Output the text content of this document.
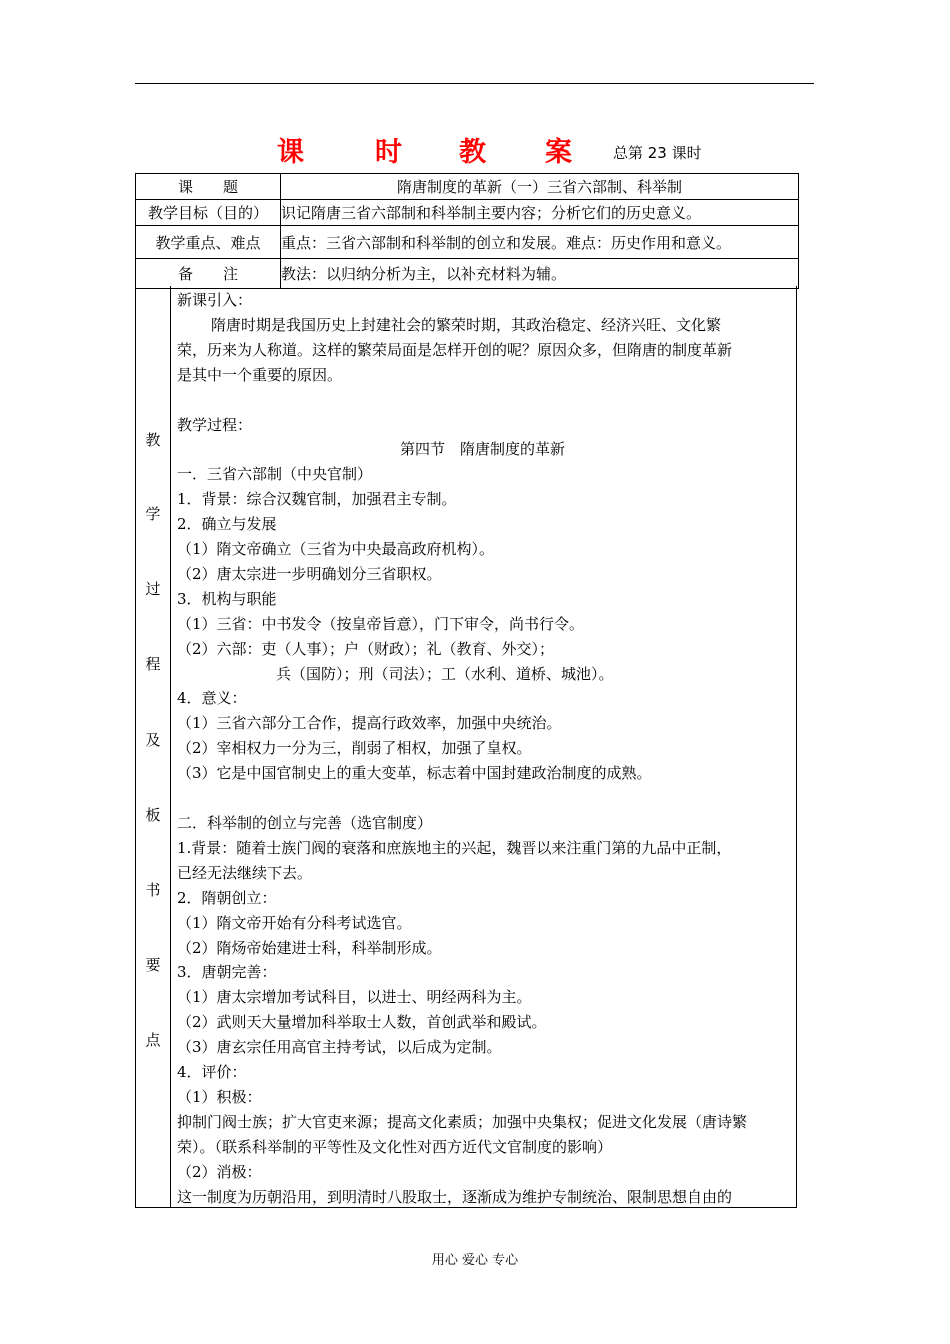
课	时 教 案	总第 23 课时
课　　题	隋唐制度的革新（一）三省六部制、科举制
教学目标（目的）	识记隋唐三省六部制和科举制主要内容；分析它们的历史意义。
教学重点、难点	重点：三省六部制和科举制的创立和发展。难点：历史作用和意义。
备　　注	教法：以归纳分析为主，以补充材料为辅。
教
学
过
程
及
板
书
要
点
新课引入：
隋唐时期是我国历史上封建社会的繁荣时期，其政治稳定、经济兴旺、文化繁
荣，历来为人称道。这样的繁荣局面是怎样开创的呢？原因众多，但隋唐的制度革新
是其中一个重要的原因。
教学过程：
第四节　隋唐制度的革新
一．三省六部制（中央官制）
1．背景：综合汉魏官制，加强君主专制。
2．确立与发展
（1）隋文帝确立（三省为中央最高政府机构）。
（2）唐太宗进一步明确划分三省职权。
3．机构与职能
（1）三省：中书发令（按皇帝旨意），门下审令，尚书行令。
（2）六部：吏（人事）；户（财政）；礼（教育、外交）；
兵（国防）；刑（司法）；工（水利、道桥、城池）。
4．意义：
（1）三省六部分工合作，提高行政效率，加强中央统治。
（2）宰相权力一分为三，削弱了相权，加强了皇权。
（3）它是中国官制史上的重大变革，标志着中国封建政治制度的成熟。
二．科举制的创立与完善（选官制度）
1.背景：随着士族门阀的衰落和庶族地主的兴起，魏晋以来注重门第的九品中正制，
已经无法继续下去。
2．隋朝创立：
（1）隋文帝开始有分科考试选官。
（2）隋炀帝始建进士科，科举制形成。
3．唐朝完善：
（1）唐太宗增加考试科目，以进士、明经两科为主。
（2）武则天大量增加科举取士人数，首创武举和殿试。
（3）唐玄宗任用高官主持考试，以后成为定制。
4．评价：
（1）积极：
抑制门阀士族；扩大官吏来源；提高文化素质；加强中央集权；促进文化发展（唐诗繁
荣）。（联系科举制的平等性及文化性对西方近代文官制度的影响）
（2）消极：
这一制度为历朝沿用，到明清时八股取士，逐渐成为维护专制统治、限制思想自由的
用心 爱心 专心
